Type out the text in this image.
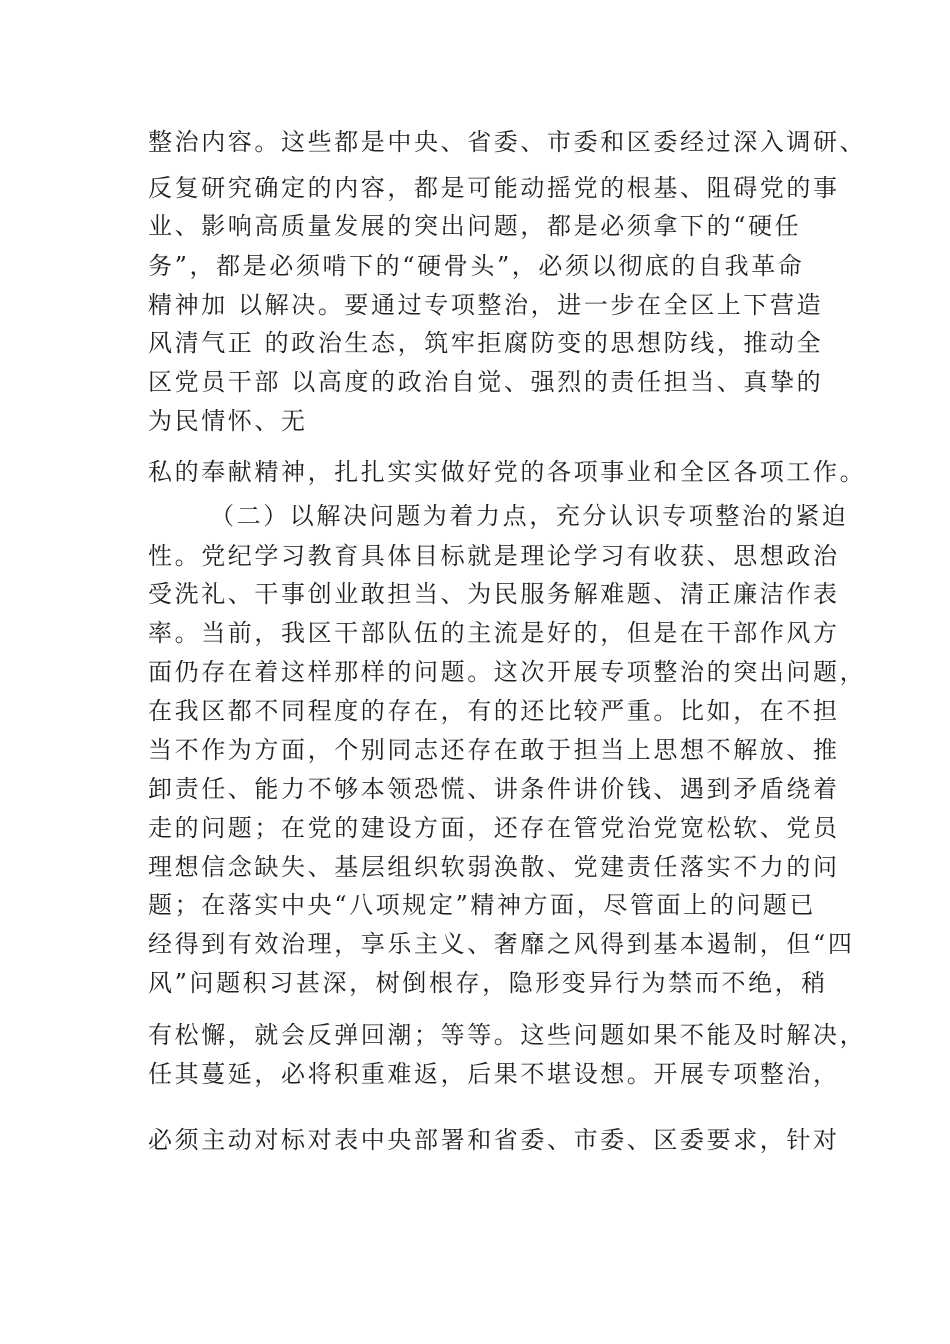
整治内容。这些都是中央、省委、市委和区委经过深入调研、
反复研究确定的内容，都是可能动摇党的根基、阻碍党的事
业、影响高质量发展的突出问题，都是必须拿下的“硬任
务”，都是必须啃下的“硬骨头”，必须以彻底的自我革命
精神加 以解决。要通过专项整治，进一步在全区上下营造
风清气正 的政治生态，筑牢拒腐防变的思想防线，推动全
区党员干部 以高度的政治自觉、强烈的责任担当、真挚的
为民情怀、无
私的奉献精神，扎扎实实做好党的各项事业和全区各项工作。
（二）以解决问题为着力点，充分认识专项整治的紧迫
性。党纪学习教育具体目标就是理论学习有收获、思想政治
受洗礼、干事创业敢担当、为民服务解难题、清正廉洁作表
率。当前，我区干部队伍的主流是好的，但是在干部作风方
面仍存在着这样那样的问题。这次开展专项整治的突出问题，
在我区都不同程度的存在，有的还比较严重。比如，在不担
当不作为方面，个别同志还存在敢于担当上思想不解放、推
卸责任、能力不够本领恐慌、讲条件讲价钱、遇到矛盾绕着
走的问题；在党的建设方面，还存在管党治党宽松软、党员
理想信念缺失、基层组织软弱涣散、党建责任落实不力的问
题；在落实中央“八项规定”精神方面，尽管面上的问题已
经得到有效治理，享乐主义、奢靡之风得到基本遏制，但“四
风”问题积习甚深，树倒根存，隐形变异行为禁而不绝，稍
有松懈，就会反弹回潮；等等。这些问题如果不能及时解决，
任其蔓延，必将积重难返，后果不堪设想。开展专项整治，
必须主动对标对表中央部署和省委、市委、区委要求，针对
